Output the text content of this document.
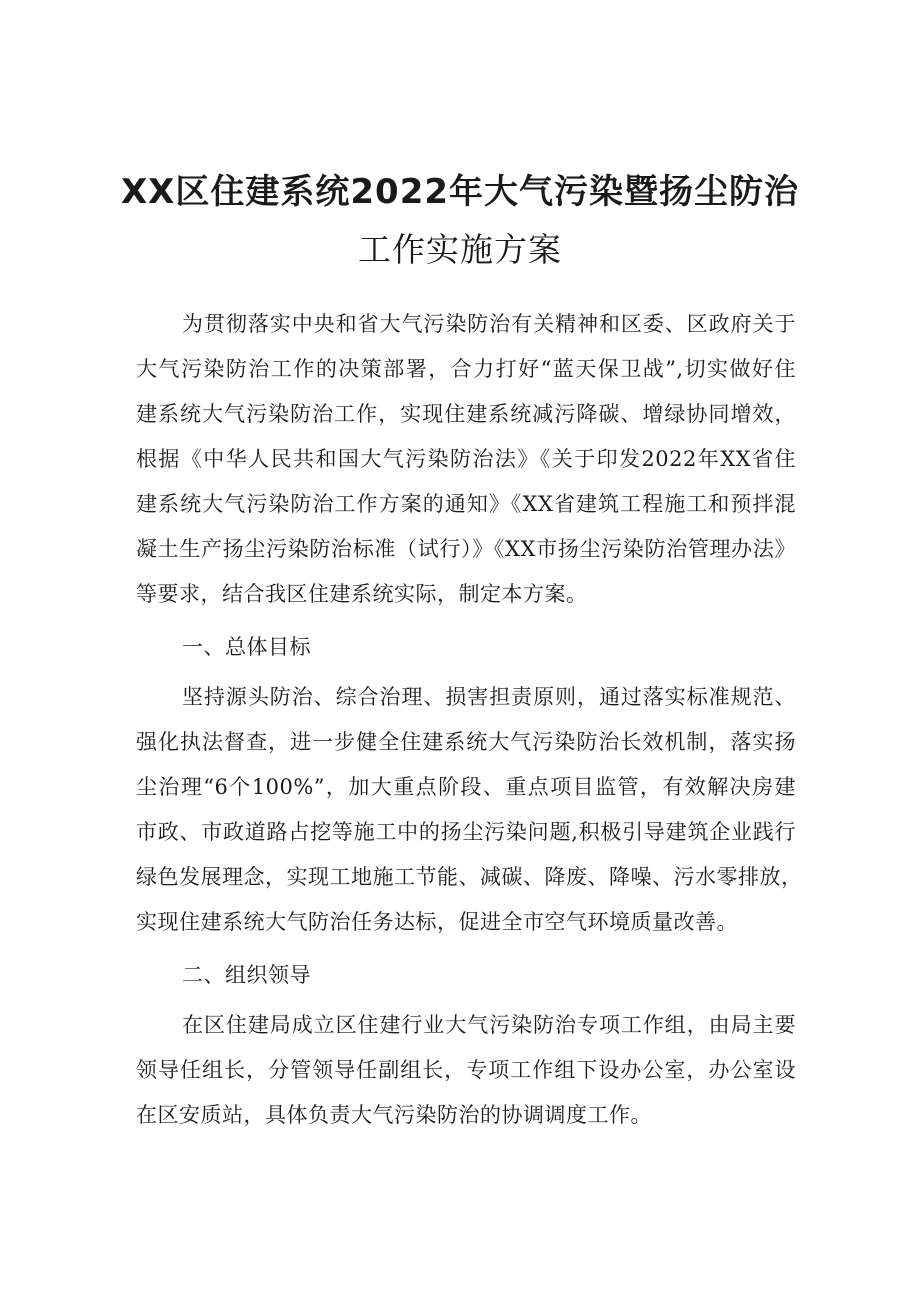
XX区住建系统2022年大气污染暨扬尘防治
工作实施方案
为贯彻落实中央和省大气污染防治有关精神和区委、区政府关于
大气污染防治工作的决策部署，合力打好“蓝天保卫战”,切实做好住
建系统大气污染防治工作，实现住建系统减污降碳、增绿协同增效，
根据《中华人民共和国大气污染防治法》《关于印发2022年XX省住
建系统大气污染防治工作方案的通知》《XX省建筑工程施工和预拌混
凝土生产扬尘污染防治标准（试行）》《XX市扬尘污染防治管理办法》
等要求，结合我区住建系统实际，制定本方案。
一、总体目标
坚持源头防治、综合治理、损害担责原则，通过落实标准规范、
强化执法督查，进一步健全住建系统大气污染防治长效机制，落实扬
尘治理“6个100%”，加大重点阶段、重点项目监管，有效解决房建
市政、市政道路占挖等施工中的扬尘污染问题,积极引导建筑企业践行
绿色发展理念，实现工地施工节能、减碳、降废、降噪、污水零排放，
实现住建系统大气防治任务达标，促进全市空气环境质量改善。
二、组织领导
在区住建局成立区住建行业大气污染防治专项工作组，由局主要
领导任组长，分管领导任副组长，专项工作组下设办公室，办公室设
在区安质站，具体负责大气污染防治的协调调度工作。
